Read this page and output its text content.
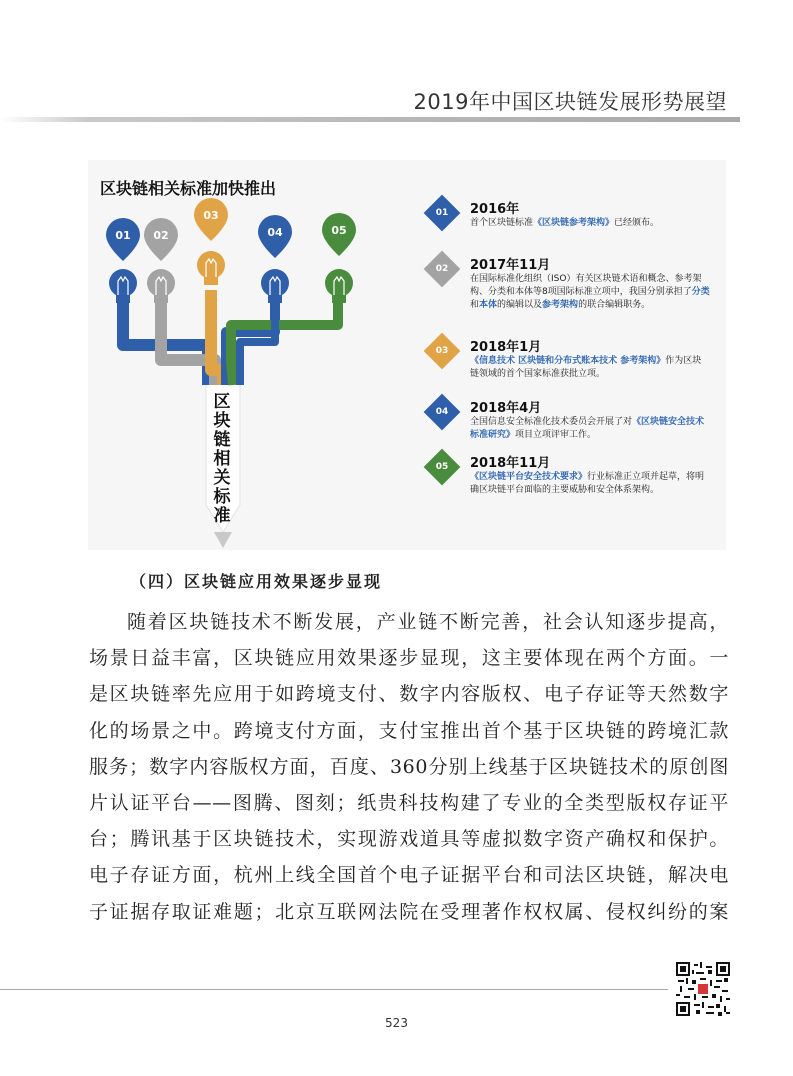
2019年中国区块链发展形势展望
区块链相关标准加快推出
01 02
03
04	05
区块链相关标准
01	2016年
首个区块链标准《区块链参考架构》已经颁布。
02	2017年11月
在国际标准化组织（ISO）有关区块链术语和概念、参考架构、分类和本体等8项国际标准立项中，我国分别承担了分类和本体的编辑以及参考架构的联合编辑职务。
03	2018年1月
《信息技术 区块链和分布式账本技术 参考架构》作为区块链领域的首个国家标准获批立项。
04	2018年4月
全国信息安全标准化技术委员会开展了对《区块链安全技术标准研究》项目立项评审工作。
05	2018年11月
《区块链平台安全技术要求》行业标准正立项并起草，将明确区块链平台面临的主要威胁和安全体系架构。
（四）区块链应用效果逐步显现
随着区块链技术不断发展，产业链不断完善，社会认知逐步提高，
场景日益丰富，区块链应用效果逐步显现，这主要体现在两个方面。一
是区块链率先应用于如跨境支付、数字内容版权、电子存证等天然数字
化的场景之中。跨境支付方面，支付宝推出首个基于区块链的跨境汇款
服务；数字内容版权方面，百度、360分别上线基于区块链技术的原创图
片认证平台——图腾、图刻；纸贵科技构建了专业的全类型版权存证平
台；腾讯基于区块链技术，实现游戏道具等虚拟数字资产确权和保护。
电子存证方面，杭州上线全国首个电子证据平台和司法区块链，解决电
子证据存取证难题；北京互联网法院在受理著作权权属、侵权纠纷的案
523
